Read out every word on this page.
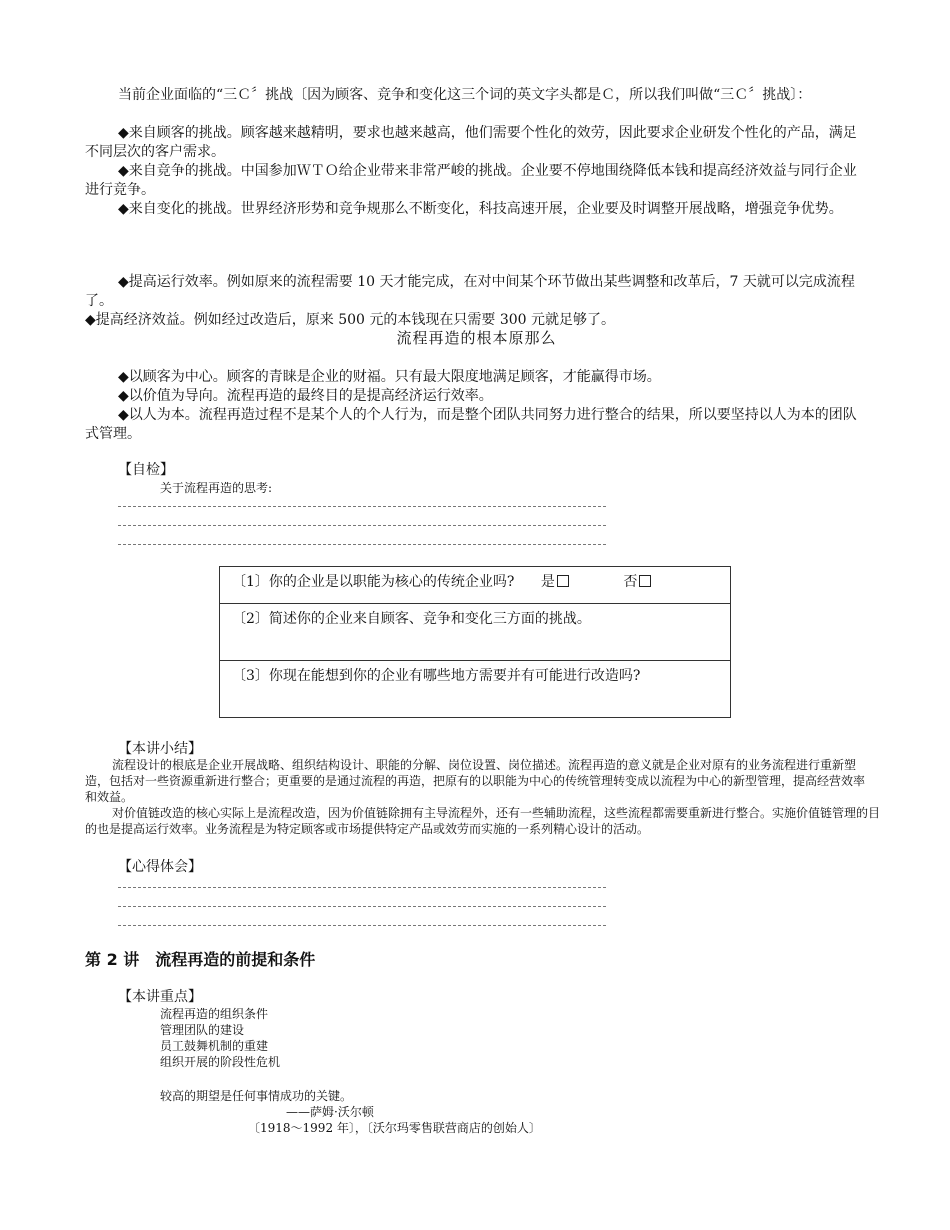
当前企业面临的“三Ｃ〞挑战〔因为顾客、竞争和变化这三个词的英文字头都是Ｃ，所以我们叫做“三Ｃ〞挑战〕：

◆来自顾客的挑战。顾客越来越精明，要求也越来越高，他们需要个性化的效劳，因此要求企业研发个性化的产品，满足不同层次的客户需求。

◆来自竞争的挑战。中国参加ＷＴＯ给企业带来非常严峻的挑战。企业要不停地围绕降低本钱和提高经济效益与同行企业进行竞争。

◆来自变化的挑战。世界经济形势和竞争规那么不断变化，科技高速开展，企业要及时调整开展战略，增强竞争优势。

◆提高运行效率。例如原来的流程需要 10 天才能完成，在对中间某个环节做出某些调整和改革后，7 天就可以完成流程了。

◆提高经济效益。例如经过改造后，原来 500 元的本钱现在只需要 300 元就足够了。

流程再造的根本原那么

◆以顾客为中心。顾客的青睐是企业的财福。只有最大限度地满足顾客，才能赢得市场。

◆以价值为导向。流程再造的最终目的是提高经济运行效率。

◆以人为本。流程再造过程不是某个人的个人行为，而是整个团队共同努力进行整合的结果，所以要坚持以人为本的团队式管理。

【自检】

关于流程再造的思考:

〔1〕你的企业是以职能为核心的传统企业吗? 是	否
〔2〕简述你的企业来自顾客、竞争和变化三方面的挑战。
〔3〕你现在能想到你的企业有哪些地方需要并有可能进行改造吗?

【本讲小结】

流程设计的根底是企业开展战略、组织结构设计、职能的分解、岗位设置、岗位描述。流程再造的意义就是企业对原有的业务流程进行重新塑造，包括对一些资源重新进行整合；更重要的是通过流程的再造，把原有的以职能为中心的传统管理转变成以流程为中心的新型管理，提高经营效率和效益。

对价值链改造的核心实际上是流程改造，因为价值链除拥有主导流程外，还有一些辅助流程，这些流程都需要重新进行整合。实施价值链管理的目的也是提高运行效率。业务流程是为特定顾客或市场提供特定产品或效劳而实施的一系列精心设计的活动。

【心得体会】

第 2 讲　流程再造的前提和条件

【本讲重点】

流程再造的组织条件

管理团队的建设

员工鼓舞机制的重建

组织开展的阶段性危机

较高的期望是任何事情成功的关键。

——萨姆·沃尔顿

〔1918～1992 年〕，〔沃尔玛零售联营商店的创始人〕
